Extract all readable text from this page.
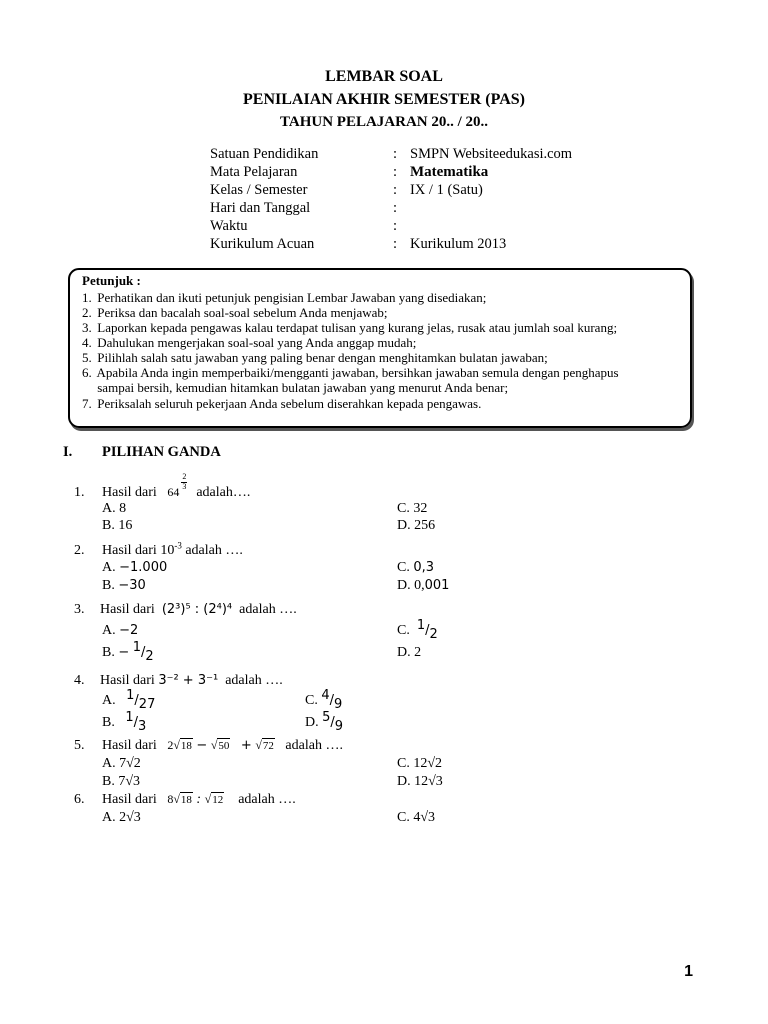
LEMBAR SOAL
PENILAIAN AKHIR SEMESTER (PAS)
TAHUN PELAJARAN 20.. / 20..
Satuan Pendidikan	: SMPN Websiteedukasi.com
Mata Pelajaran	: Matematika
Kelas / Semester	: IX / 1 (Satu)
Hari dan Tanggal	:
Waktu	:
Kurikulum Acuan	: Kurikulum 2013
Petunjuk :
1. Perhatikan dan ikuti petunjuk pengisian Lembar Jawaban yang disediakan;
2. Periksa dan bacalah soal-soal sebelum Anda menjawab;
3. Laporkan kepada pengawas kalau terdapat tulisan yang kurang jelas, rusak atau jumlah soal kurang;
4. Dahulukan mengerjakan soal-soal yang Anda anggap mudah;
5. Pilihlah salah satu jawaban yang paling benar dengan menghitamkan bulatan jawaban;
6. Apabila Anda ingin memperbaiki/mengganti jawaban, bersihkan jawaban semula dengan penghapus
sampai bersih, kemudian hitamkan bulatan jawaban yang menurut Anda benar;
7. Periksalah seluruh pekerjaan Anda sebelum diserahkan kepada pengawas.
I. PILIHAN GANDA
1. Hasil dari $64 \frac{2}{3}$ adalah….
A. 8	C. 32
B. 16	D. 256
2. Hasil dari $10^{-3}$ adalah ….
A. −1.000	C. 0,3
B. −30	D. 0,001
3. Hasil dari (2³)⁵ : (2⁴)⁴ adalah ….
A. −2	C. 1/2
B. − 1/2	D. 2
4. Hasil dari 3⁻² + 3⁻¹ adalah ….
A. 1/27	C. 4/9
B. 1/3	D. 5/9
5. Hasil dari 2√18 − √50 + √72 adalah ….
A. 7√2	C. 12√2
B. 7√3	D. 12√3
6. Hasil dari 8√18 : √12 adalah ….
A. 2√3	C. 4√3
1
